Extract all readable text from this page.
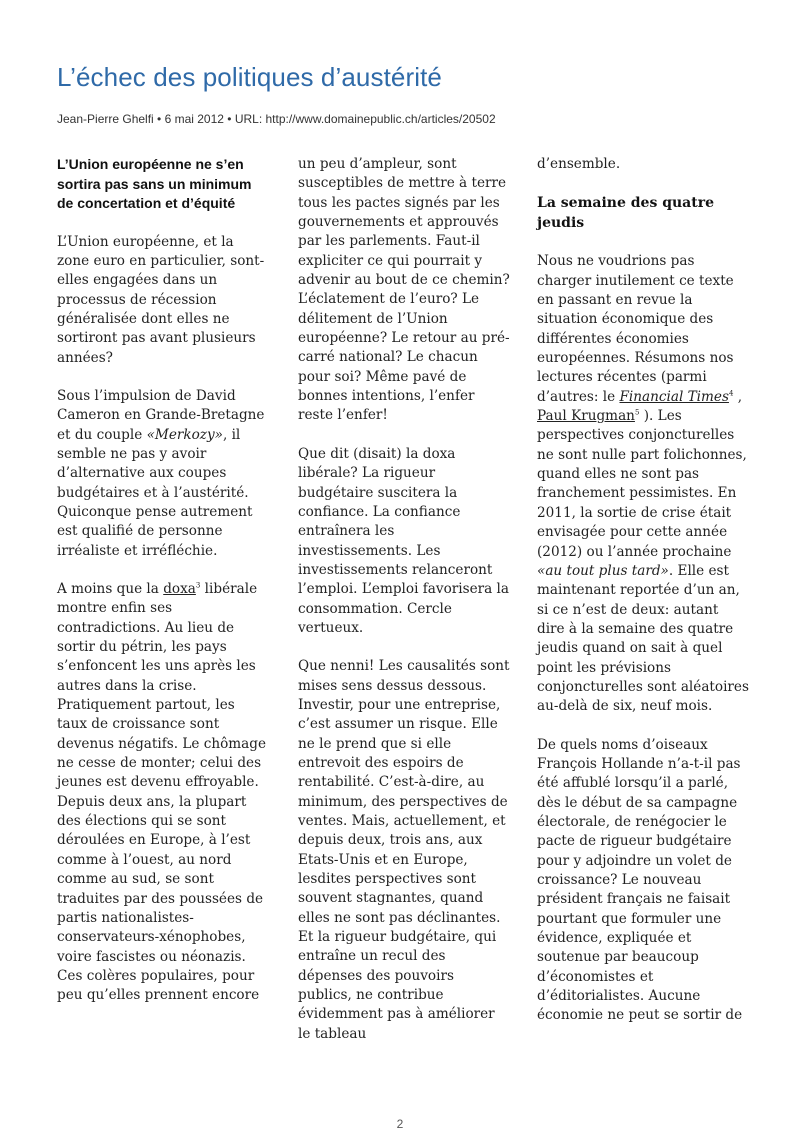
L’échec des politiques d’austérité
Jean-Pierre Ghelfi • 6 mai 2012 • URL: http://www.domainepublic.ch/articles/20502
L’Union européenne ne s’en sortira pas sans un minimum de concertation et d’équité

L’Union européenne, et la zone euro en particulier, sont-elles engagées dans un processus de récession généralisée dont elles ne sortiront pas avant plusieurs années?

Sous l’impulsion de David Cameron en Grande-Bretagne et du couple «Merkozy», il semble ne pas y avoir d’alternative aux coupes budgétaires et à l’austérité. Quiconque pense autrement est qualifié de personne irréaliste et irréfléchie.

A moins que la doxa$^3$ libérale montre enfin ses contradictions. Au lieu de sortir du pétrin, les pays s’enfoncent les uns après les autres dans la crise. Pratiquement partout, les taux de croissance sont devenus négatifs. Le chômage ne cesse de monter; celui des jeunes est devenu effroyable. Depuis deux ans, la plupart des élections qui se sont déroulées en Europe, à l’est comme à l’ouest, au nord comme au sud, se sont traduites par des poussées de partis nationalistes-conservateurs-xénophobes, voire fascistes ou néonazis. Ces colères populaires, pour peu qu’elles prennent encore

un peu d’ampleur, sont susceptibles de mettre à terre tous les pactes signés par les gouvernements et approuvés par les parlements. Faut-il expliciter ce qui pourrait y advenir au bout de ce chemin? L’éclatement de l’euro? Le délitement de l’Union européenne? Le retour au pré-carré national? Le chacun pour soi? Même pavé de bonnes intentions, l’enfer reste l’enfer!

Que dit (disait) la doxa libérale? La rigueur budgétaire suscitera la confiance. La confiance entraînera les investissements. Les investissements relanceront l’emploi. L’emploi favorisera la consommation. Cercle vertueux.

Que nenni! Les causalités sont mises sens dessus dessous. Investir, pour une entreprise, c’est assumer un risque. Elle ne le prend que si elle entrevoit des espoirs de rentabilité. C’est-à-dire, au minimum, des perspectives de ventes. Mais, actuellement, et depuis deux, trois ans, aux Etats-Unis et en Europe, lesdites perspectives sont souvent stagnantes, quand elles ne sont pas déclinantes. Et la rigueur budgétaire, qui entraîne un recul des dépenses des pouvoirs publics, ne contribue évidemment pas à améliorer le tableau

d’ensemble.

La semaine des quatre jeudis

Nous ne voudrions pas charger inutilement ce texte en passant en revue la situation économique des différentes économies européennes. Résumons nos lectures récentes (parmi d’autres: le Financial Times$^4$ , Paul Krugman$^5$ ). Les perspectives conjoncturelles ne sont nulle part folichonnes, quand elles ne sont pas franchement pessimistes. En 2011, la sortie de crise était envisagée pour cette année (2012) ou l’année prochaine «au tout plus tard». Elle est maintenant reportée d’un an, si ce n’est de deux: autant dire à la semaine des quatre jeudis quand on sait à quel point les prévisions conjoncturelles sont aléatoires au-delà de six, neuf mois.

De quels noms d’oiseaux François Hollande n’a-t-il pas été affublé lorsqu’il a parlé, dès le début de sa campagne électorale, de renégocier le pacte de rigueur budgétaire pour y adjoindre un volet de croissance? Le nouveau président français ne faisait pourtant que formuler une évidence, expliquée et soutenue par beaucoup d’économistes et d’éditorialistes. Aucune économie ne peut se sortir de

2
